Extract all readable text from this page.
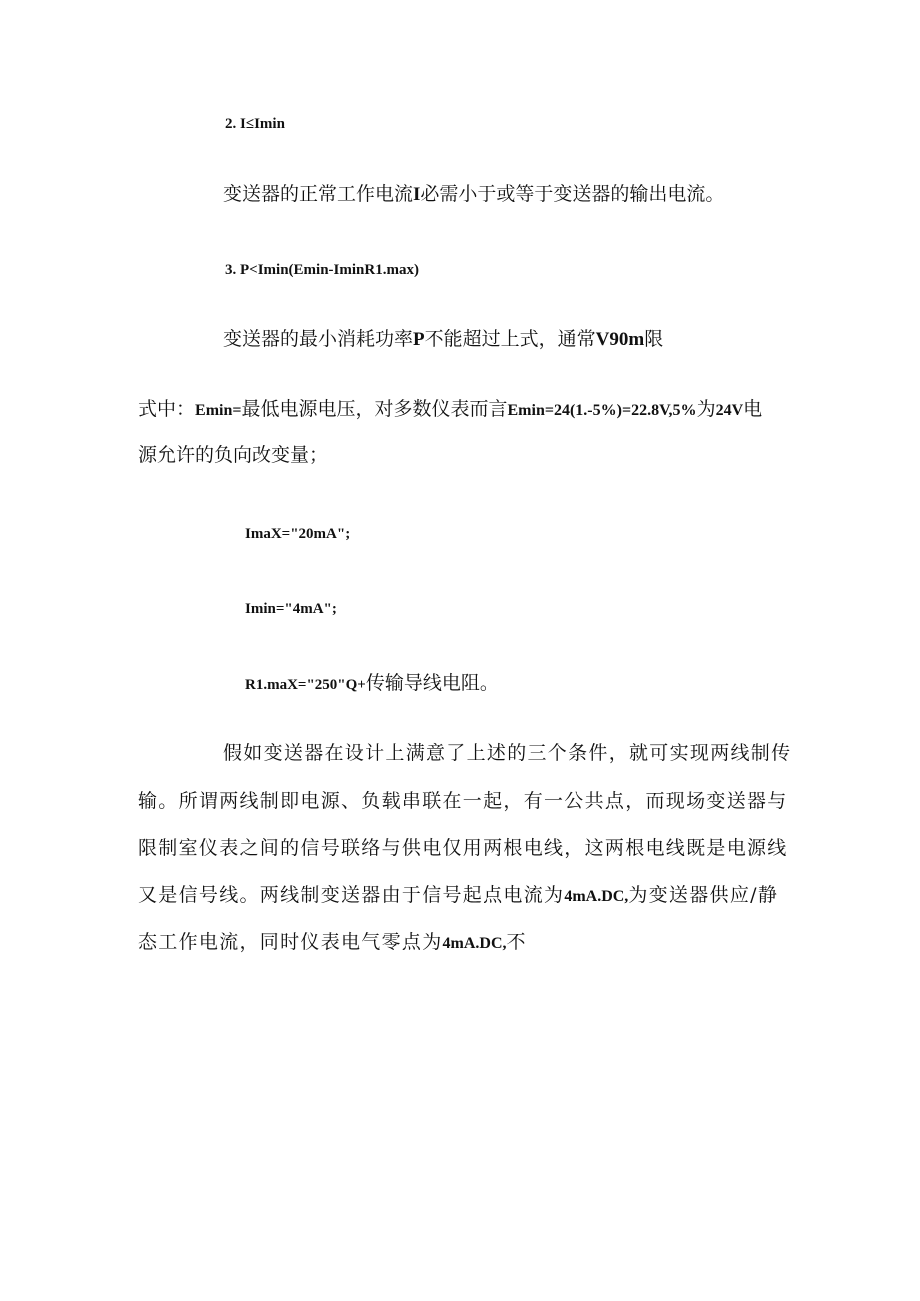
2. I≤Imin
变送器的正常工作电流I必需小于或等于变送器的输出电流。
3. P<Imin(Emin-IminR1.max)
变送器的最小消耗功率P不能超过上式，通常V90m限
式中：Emin=最低电源电压，对多数仪表而言Emin=24(1.-5%)=22.8V,5%为24V电
源允许的负向改变量；
ImaX="20mA";
Imin="4mA";
R1.maX="250"Q+传输导线电阻。
假如变送器在设计上满意了上述的三个条件，就可实现两线制传
输。所谓两线制即电源、负载串联在一起，有一公共点，而现场变送器与
限制室仪表之间的信号联络与供电仅用两根电线，这两根电线既是电源线
又是信号线。两线制变送器由于信号起点电流为4mA.DC,为变送器供应/静
态工作电流，同时仪表电气零点为4mA.DC,不
